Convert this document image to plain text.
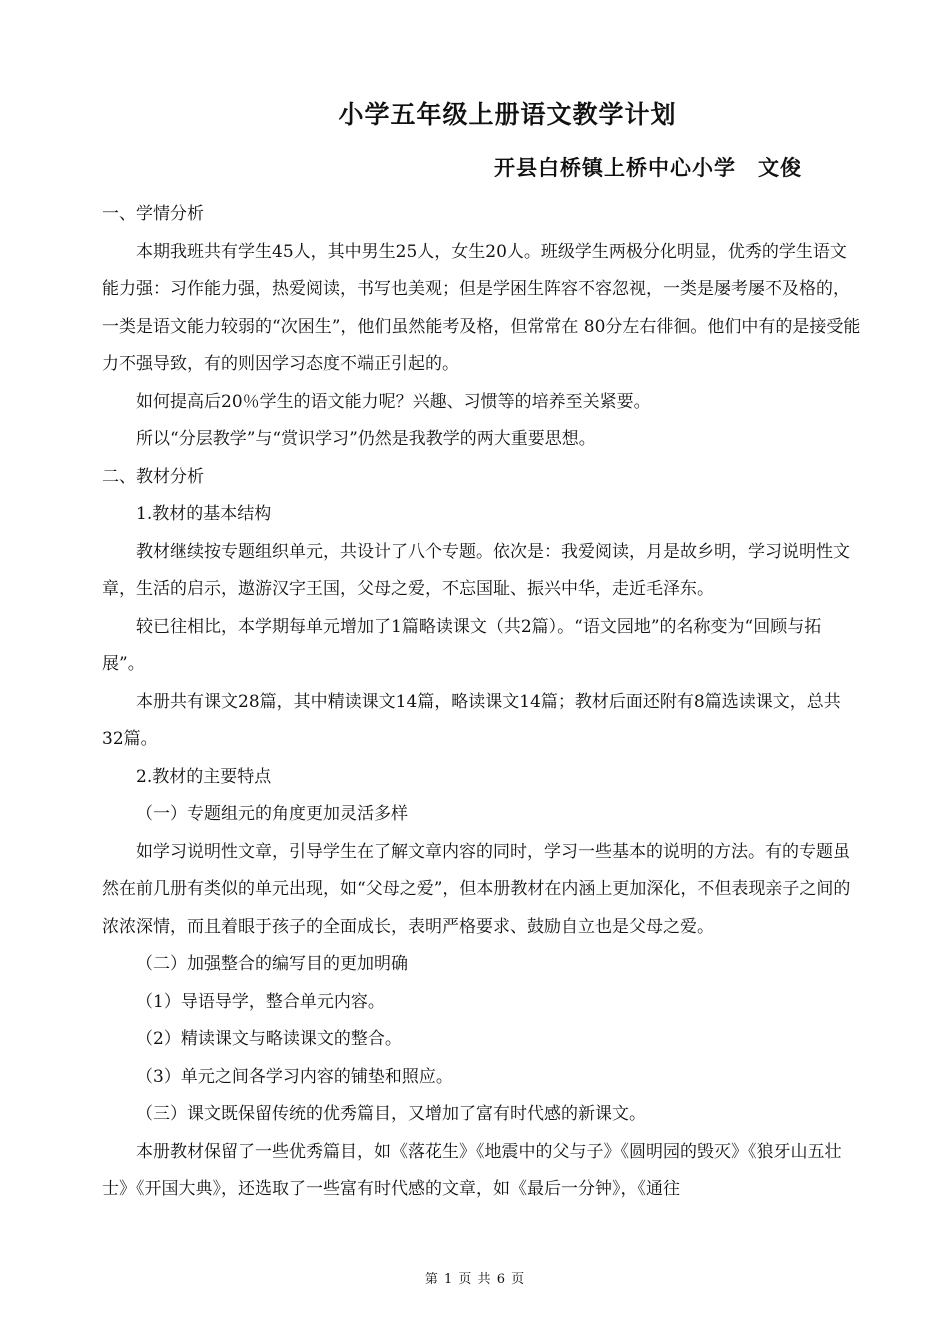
小学五年级上册语文教学计划
开县白桥镇上桥中心小学　文俊

一、学情分析

本期我班共有学生45人，其中男生25人，女生20人。班级学生两极分化明显，优秀的学生语文能力强：习作能力强，热爱阅读，书写也美观；但是学困生阵容不容忽视，一类是屡考屡不及格的，一类是语文能力较弱的“次困生”，他们虽然能考及格，但常常在 80分左右徘徊。他们中有的是接受能力不强导致，有的则因学习态度不端正引起的。

如何提高后20％学生的语文能力呢？兴趣、习惯等的培养至关紧要。

所以“分层教学”与“赏识学习”仍然是我教学的两大重要思想。

二、教材分析

1.教材的基本结构

教材继续按专题组织单元，共设计了八个专题。依次是：我爱阅读，月是故乡明，学习说明性文章，生活的启示，遨游汉字王国，父母之爱，不忘国耻、振兴中华，走近毛泽东。

较已往相比，本学期每单元增加了1篇略读课文（共2篇）。“语文园地”的名称变为“回顾与拓展”。

本册共有课文28篇，其中精读课文14篇，略读课文14篇；教材后面还附有8篇选读课文，总共32篇。

2.教材的主要特点

（一）专题组元的角度更加灵活多样

如学习说明性文章，引导学生在了解文章内容的同时，学习一些基本的说明的方法。有的专题虽然在前几册有类似的单元出现，如“父母之爱”，但本册教材在内涵上更加深化，不但表现亲子之间的浓浓深情，而且着眼于孩子的全面成长，表明严格要求、鼓励自立也是父母之爱。

（二）加强整合的编写目的更加明确

（1）导语导学，整合单元内容。

（2）精读课文与略读课文的整合。

（3）单元之间各学习内容的铺垫和照应。

（三）课文既保留传统的优秀篇目，又增加了富有时代感的新课文。

本册教材保留了一些优秀篇目，如《落花生》《地震中的父与子》《圆明园的毁灭》《狼牙山五壮士》《开国大典》，还选取了一些富有时代感的文章，如《最后一分钟》，《通往

第 1 页 共 6 页
